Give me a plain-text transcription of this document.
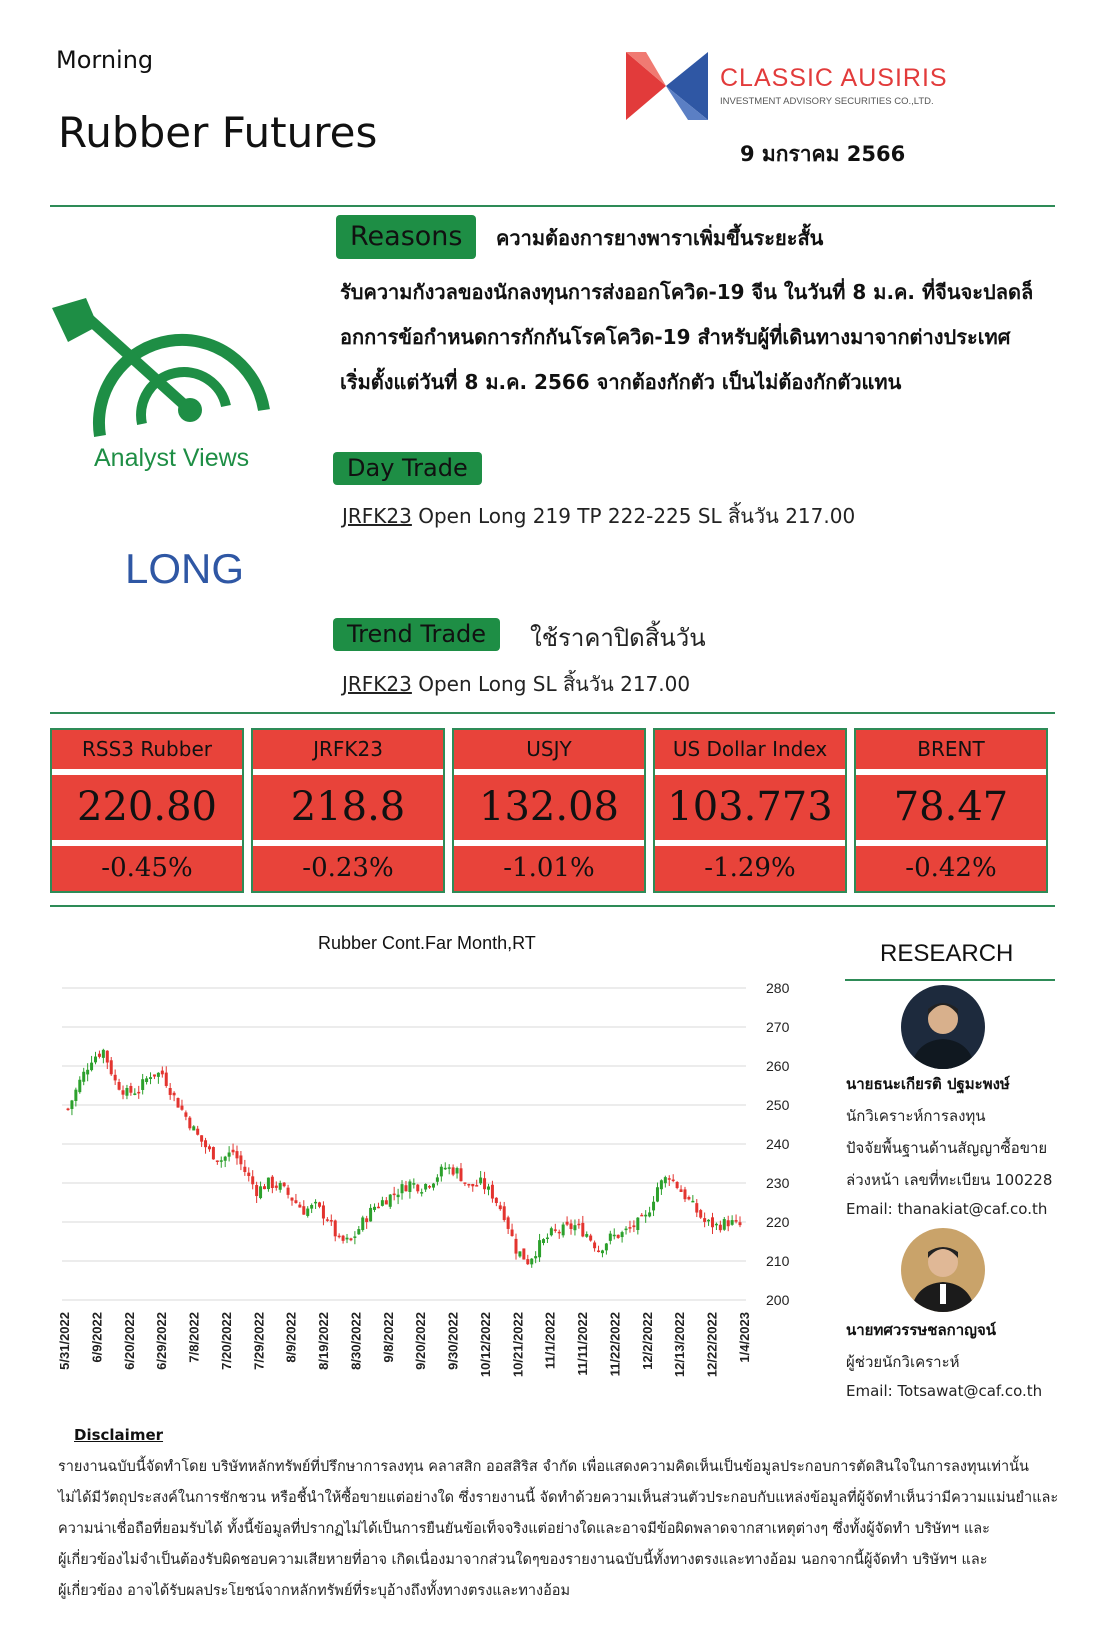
Morning
Rubber Futures
CLASSIC AUSIRIS
INVESTMENT ADVISORY SECURITIES CO.,LTD.
9 มกราคม 2566
Analyst Views
LONG
Reasons	ความต้องการยางพาราเพิ่มขึ้นระยะสั้น
รับความกังวลของนักลงทุนการส่งออกโควิด-19 จีน ในวันที่ 8 ม.ค. ที่จีนจะปลดล็
อกการข้อกำหนดการกักกันโรคโควิด-19 สำหรับผู้ที่เดินทางมาจากต่างประเทศ
เริ่มตั้งแต่วันที่ 8 ม.ค. 2566 จากต้องกักตัว เป็นไม่ต้องกักตัวแทน
Day Trade
JRFK23 Open Long 219 TP 222-225 SL สิ้นวัน 217.00
Trend Trade	ใช้ราคาปิดสิ้นวัน
JRFK23 Open Long SL สิ้นวัน 217.00
RSS3 Rubber
220.80
-0.45%
JRFK23
218.8
-0.23%
USJY
132.08
-1.01%
US Dollar Index
103.773
-1.29%
BRENT
78.47
-0.42%
Rubber Cont.Far Month,RT
280
270
260
250
240
230
220
210
200
5/31/2022 6/9/2022 6/20/2022 6/29/2022 7/8/2022 7/20/2022 7/29/2022 8/9/2022 8/19/2022 8/30/2022 9/8/2022 9/20/2022 9/30/2022 10/12/2022 10/21/2022 11/1/2022 11/11/2022 11/22/2022 12/2/2022 12/13/2022 12/22/2022 1/4/2023
RESEARCH
นายธนะเกียรติ ปฐมะพงษ์
นักวิเคราะห์การลงทุน
ปัจจัยพื้นฐานด้านสัญญาซื้อขาย
ล่วงหน้า เลขที่ทะเบียน 100228
Email: thanakiat@caf.co.th
นายทศวรรษชลกาญจน์
ผู้ช่วยนักวิเคราะห์
Email: Totsawat@caf.co.th
Disclaimer
รายงานฉบับนี้จัดทำโดย บริษัทหลักทรัพย์ที่ปรึกษาการลงทุน คลาสสิก ออสสิริส จำกัด เพื่อแสดงความคิดเห็นเป็นข้อมูลประกอบการตัดสินใจในการลงทุนเท่านั้น
ไม่ได้มีวัตถุประสงค์ในการชักชวน หรือชี้นำให้ซื้อขายแต่อย่างใด ซึ่งรายงานนี้ จัดทำด้วยความเห็นส่วนตัวประกอบกับแหล่งข้อมูลที่ผู้จัดทำเห็นว่ามีความแม่นยำและ
ความน่าเชื่อถือที่ยอมรับได้ ทั้งนี้ข้อมูลที่ปรากฏไม่ได้เป็นการยืนยันข้อเท็จจริงแต่อย่างใดและอาจมีข้อผิดพลาดจากสาเหตุต่างๆ ซึ่งทั้งผู้จัดทำ บริษัทฯ และ
ผู้เกี่ยวข้องไม่จำเป็นต้องรับผิดชอบความเสียหายที่อาจ เกิดเนื่องมาจากส่วนใดๆของรายงานฉบับนี้ทั้งทางตรงและทางอ้อม นอกจากนี้ผู้จัดทำ บริษัทฯ และ
ผู้เกี่ยวข้อง อาจได้รับผลประโยชน์จากหลักทรัพย์ที่ระบุอ้างถึงทั้งทางตรงและทางอ้อม
